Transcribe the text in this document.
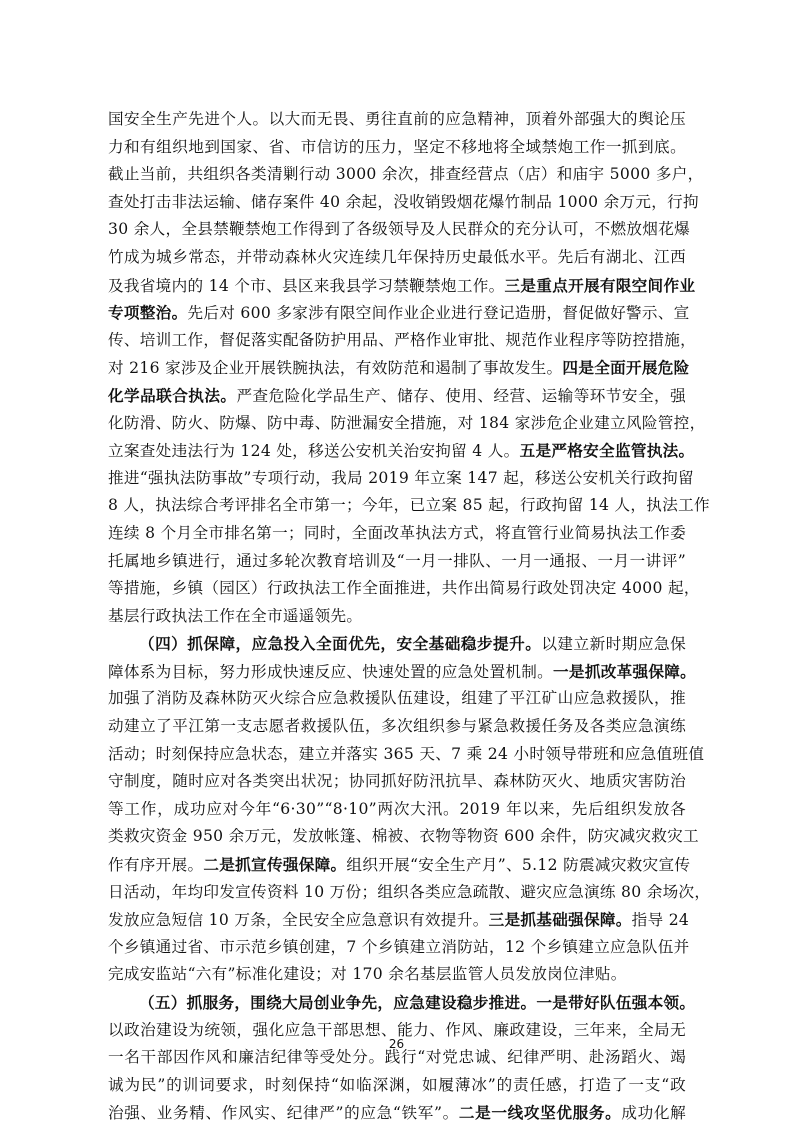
国安全生产先进个人。以大而无畏、勇往直前的应急精神，顶着外部强大的舆论压
力和有组织地到国家、省、市信访的压力，坚定不移地将全域禁炮工作一抓到底。
截止当前，共组织各类清剿行动 3000 余次，排查经营点（店）和庙宇 5000 多户，
查处打击非法运输、储存案件 40 余起，没收销毁烟花爆竹制品 1000 余万元，行拘
30 余人，全县禁鞭禁炮工作得到了各级领导及人民群众的充分认可，不燃放烟花爆
竹成为城乡常态，并带动森林火灾连续几年保持历史最低水平。先后有湖北、江西
及我省境内的 14 个市、县区来我县学习禁鞭禁炮工作。三是重点开展有限空间作业
专项整治。先后对 600 多家涉有限空间作业企业进行登记造册，督促做好警示、宣
传、培训工作，督促落实配备防护用品、严格作业审批、规范作业程序等防控措施，
对 216 家涉及企业开展铁腕执法，有效防范和遏制了事故发生。四是全面开展危险
化学品联合执法。严查危险化学品生产、储存、使用、经营、运输等环节安全，强
化防滑、防火、防爆、防中毒、防泄漏安全措施，对 184 家涉危企业建立风险管控，
立案查处违法行为 124 处，移送公安机关治安拘留 4 人。五是严格安全监管执法。
推进“强执法防事故”专项行动，我局 2019 年立案 147 起，移送公安机关行政拘留
8 人，执法综合考评排名全市第一；今年，已立案 85 起，行政拘留 14 人，执法工作
连续 8 个月全市排名第一；同时，全面改革执法方式，将直管行业简易执法工作委
托属地乡镇进行，通过多轮次教育培训及“一月一排队、一月一通报、一月一讲评”
等措施，乡镇（园区）行政执法工作全面推进，共作出简易行政处罚决定 4000 起，
基层行政执法工作在全市遥遥领先。
（四）抓保障，应急投入全面优先，安全基础稳步提升。以建立新时期应急保
障体系为目标，努力形成快速反应、快速处置的应急处置机制。一是抓改革强保障。
加强了消防及森林防灭火综合应急救援队伍建设，组建了平江矿山应急救援队，推
动建立了平江第一支志愿者救援队伍，多次组织参与紧急救援任务及各类应急演练
活动；时刻保持应急状态，建立并落实 365 天、7 乘 24 小时领导带班和应急值班值
守制度，随时应对各类突出状况；协同抓好防汛抗旱、森林防灭火、地质灾害防治
等工作，成功应对今年“6·30”“8·10”两次大汛。2019 年以来，先后组织发放各
类救灾资金 950 余万元，发放帐篷、棉被、衣物等物资 600 余件，防灾减灾救灾工
作有序开展。二是抓宣传强保障。组织开展“安全生产月”、5.12 防震减灾救灾宣传
日活动，年均印发宣传资料 10 万份；组织各类应急疏散、避灾应急演练 80 余场次，
发放应急短信 10 万条，全民安全应急意识有效提升。三是抓基础强保障。指导 24
个乡镇通过省、市示范乡镇创建，7 个乡镇建立消防站，12 个乡镇建立应急队伍并
完成安监站“六有”标准化建设；对 170 余名基层监管人员发放岗位津贴。
（五）抓服务，围绕大局创业争先，应急建设稳步推进。一是带好队伍强本领。
以政治建设为统领，强化应急干部思想、能力、作风、廉政建设，三年来，全局无
一名干部因作风和廉洁纪律等受处分。践行“对党忠诚、纪律严明、赴汤蹈火、竭
诚为民”的训词要求，时刻保持“如临深渊，如履薄冰”的责任感，打造了一支“政
治强、业务精、作风实、纪律严”的应急“铁军”。二是一线攻坚优服务。成功化解
26
